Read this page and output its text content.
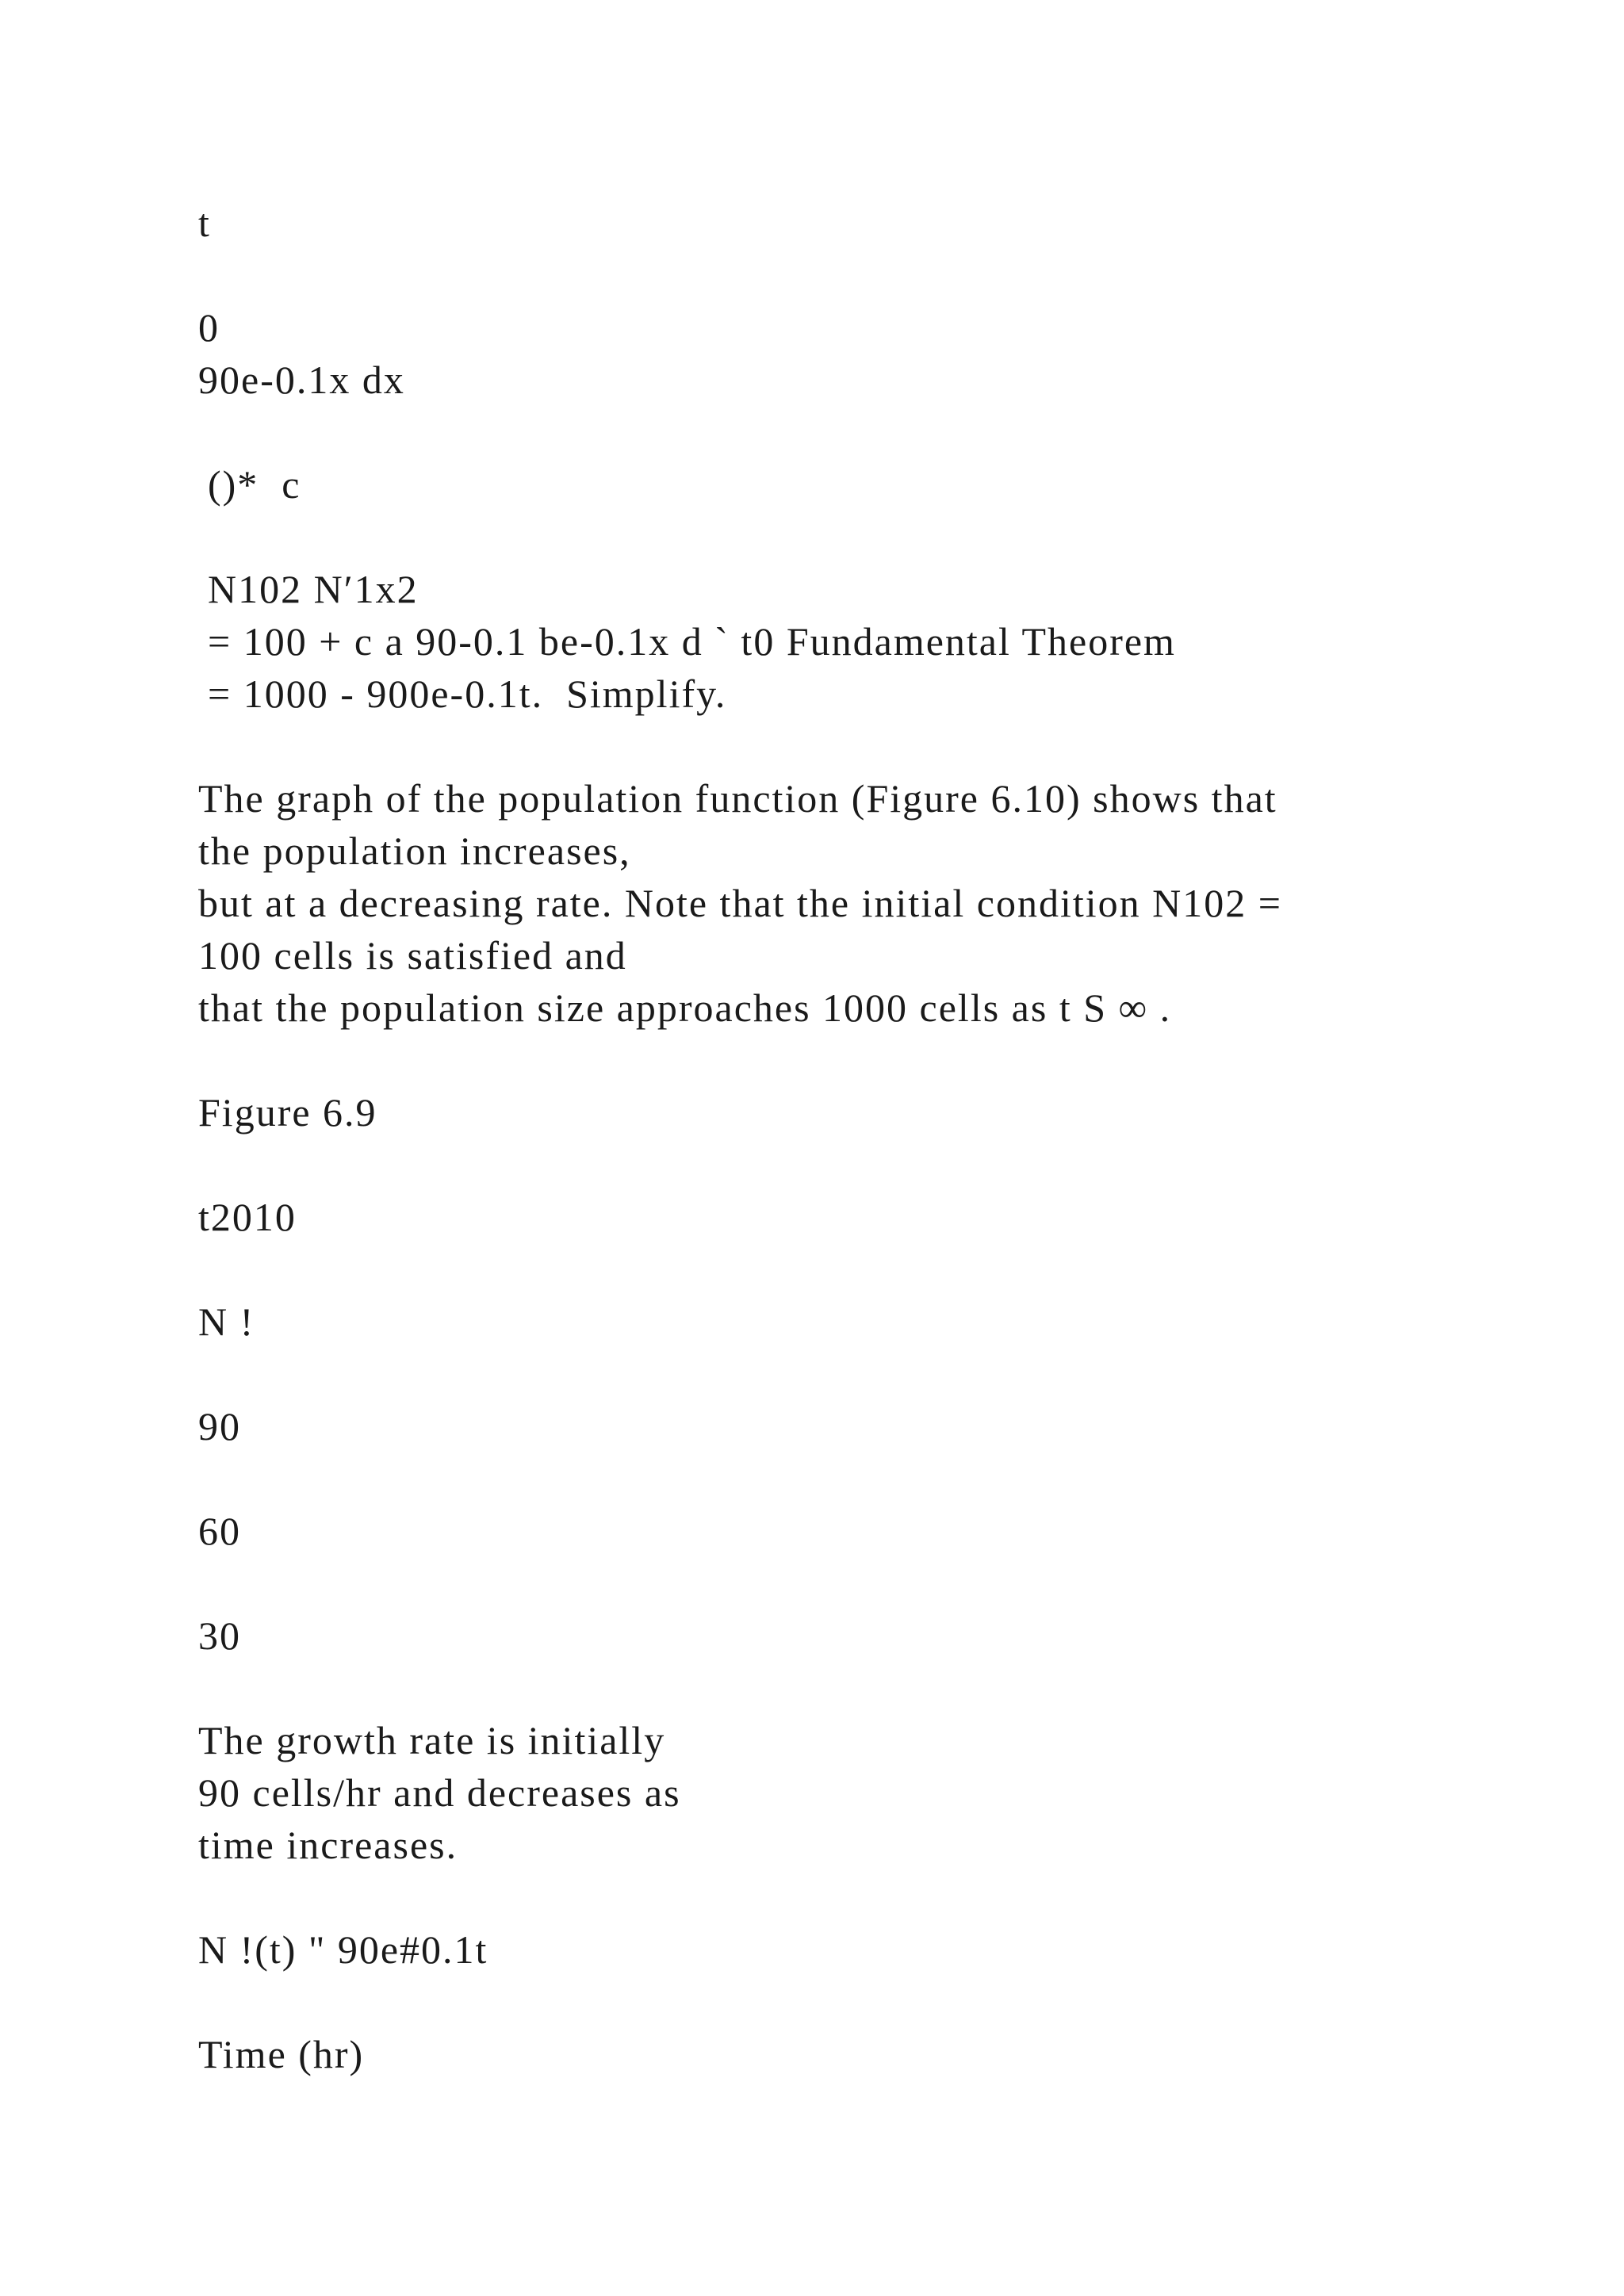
t
0
90e-0.1x dx
()*  c
N102 N′1x2
= 100 + c a 90-0.1 be-0.1x d ` t0 Fundamental Theorem
= 1000 - 900e-0.1t.  Simplify.
The graph of the population function (Figure 6.10) shows that
the population increases,
but at a decreasing rate. Note that the initial condition N102 =
100 cells is satisfied and
that the population size approaches 1000 cells as t S ∞ .
Figure 6.9
t2010
N !
90
60
30
The growth rate is initially
90 cells/hr and decreases as
time increases.
N !(t) " 90e#0.1t
Time (hr)
